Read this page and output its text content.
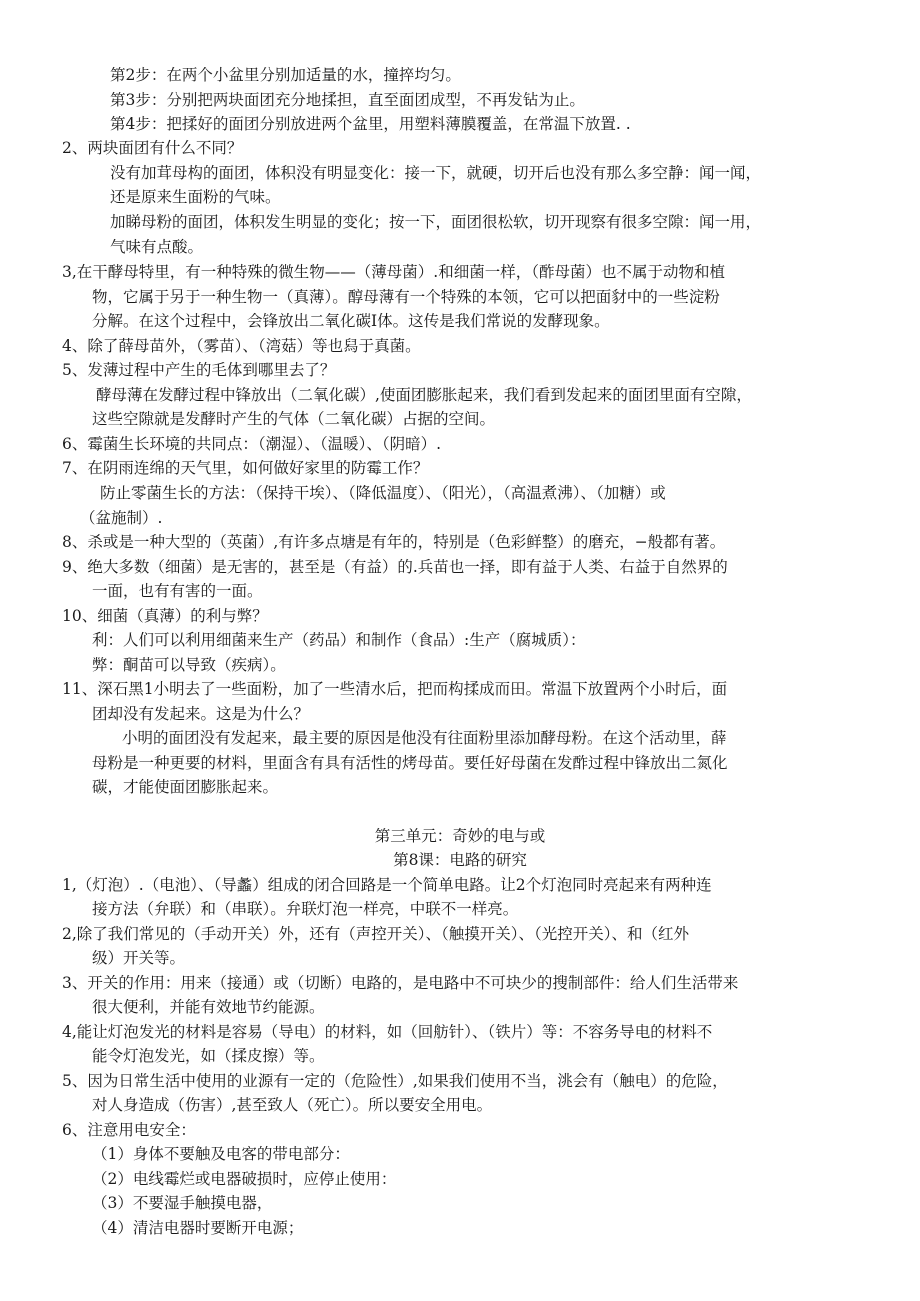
第2步：在两个小盆里分别加适量的水，撞捽均匀。
第3步：分别把两块面团充分地揉担，直至面团成型，不再发钻为止。
第4步：把揉好的面团分别放进两个盆里，用塑料薄膜覆盖，在常温下放置. .
2、两块面团有什么不同？
没有加茸母构的面团，体积没有明显变化：接一下，就硬，切开后也没有那么多空静：闻一闻，
还是原来生面粉的气味。
加睇母粉的面团，体积发生明显的变化；按一下，面团很松软，切开现察有很多空隙：闻一用，
气味有点酸。
3,在干酵母特里，有一种特殊的微生物——（薄母菌）.和细菌一样，（酢母菌）也不属于动物和植
物，它属于另于一种生物一（真薄）。醇母薄有一个特殊的本领，它可以把面豺中的一些淀粉
分解。在这个过程中，会锋放出二氧化碳I体。这传是我们常说的发酵现象。
4、除了薛母苗外，（雾苗）、（湾菇）等也舄于真菌。
5、发薄过程中产生的毛体到哪里去了？
酵母薄在发酵过程中锋放出（二氧化碳）,使面团膨胀起来，我们看到发起来的面团里面有空隙，
这些空隙就是发酵时产生的气体（二氧化碳）占据的空间。
6、霉菌生长环境的共同点：（潮湿）、（温暖）、（阴暗）.
7、在阴雨连绵的天气里，如何做好家里的防霉工作？
防止零菌生长的方法：（保持干埃）、（降低温度）、（阳光），（高温煮沸）、（加糖）或
（盆施制）.
8、杀或是一种大型的（英菌）,有许多点塘是有年的，特别是（色彩鲜整）的磨充，−般都有著。
9、绝大多数（细菌）是无害的，甚至是（有益）的.兵苗也一择，即有益于人类、右益于自然界的
一面，也有有害的一面。
10、细菌（真薄）的利与弊？
利：人们可以利用细菌来生产（药品）和制作（食品）:生产（腐城质）：
弊：酮苗可以导致（疾病）。
11、深石黑1小明去了一些面粉，加了一些清水后，把而构揉成而田。常温下放置两个小时后，面
团却没有发起来。这是为什么？
小明的面团没有发起来，最主要的原因是他没有往面粉里添加酵母粉。在这个活动里，薛
母粉是一种更要的材料，里面含有具有活性的烤母苗。要任好母菌在发酢过程中锋放出二氮化
碳，才能使面团膨胀起来。
第三单元：奇妙的电与或
第8课：电路的研究
1,（灯泡）.（电池）、（导蠡）组成的闭合回路是一个简单电路。让2个灯泡同时亮起来有两种连
接方法（弁联）和（串联）。弁联灯泡一样亮，中联不一样亮。
2,除了我们常见的（手动开关）外，还有（声控开关）、（触摸开关）、（光控开关）、和（红外
级）开关等。
3、开关的作用：用来（接通）或（切断）电路的，是电路中不可块少的搜制部件：给人们生活带来
很大便利，并能有效地节约能源。
4,能让灯泡发光的材料是容易（导电）的材料，如（回舫针）、（铁片）等：不容务导电的材料不
能令灯泡发光，如（揉皮擦）等。
5、因为日常生活中使用的业源有一定的（危险性）,如果我们使用不当，洮会有（触电）的危险，
对人身造成（伤害）,甚至致人（死亡）。所以要安全用电。
6、注意用电安全：
（1）身体不要触及电客的带电部分：
（2）电线霉烂或电器破损时，应停止使用：
（3）不要湿手触摸电器，
（4）清洁电器时要断开电源；
